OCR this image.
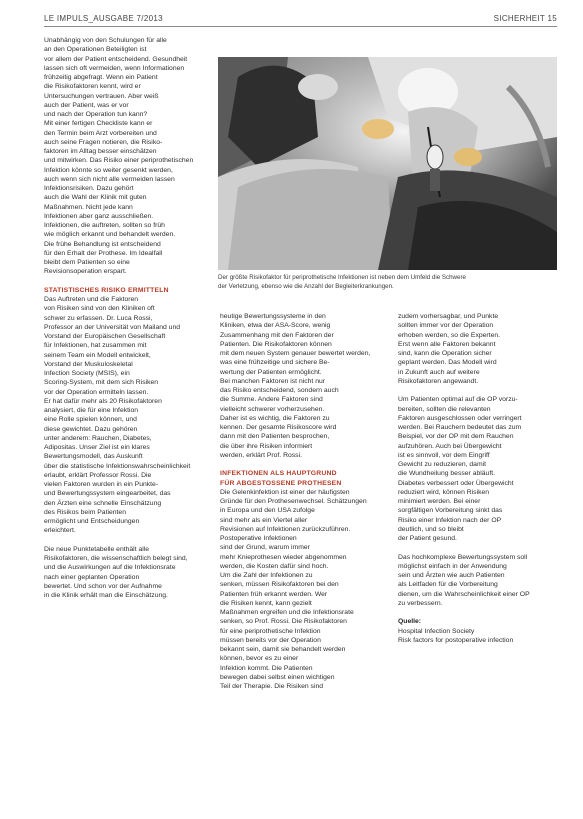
LE IMPULS_AUSGABE 7/2013	SICHERHEIT 15
Der größte Risikofaktor für periprothetische Infektionen ist neben dem Umfeld die Schwere
der Verletzung, ebenso wie die Anzahl der Begleiterkrankungen.
Unabhängig von den Schulungen für alle
an den Operationen Beteiligten ist
vor allem der Patient entscheidend. Gesundheit
lassen sich oft vermeiden, wenn Informationen
frühzeitig abgefragt. Wenn ein Patient
die Risikofaktoren kennt, wird er
Untersuchungen vertrauen. Aber weiß
auch der Patient, was er vor
und nach der Operation tun kann?
Mit einer fertigen Checkliste kann er
den Termin beim Arzt vorbereiten und
auch seine Fragen notieren, die Risiko-
faktoren im Alltag besser einschätzen
und mitwirken. Das Risiko einer periprothetischen
Infektion könnte so weiter gesenkt werden,
auch wenn sich nicht alle vermeiden lassen
Infektionsrisiken. Dazu gehört
auch die Wahl der Klinik mit guten
Maßnahmen. Nicht jede kann
Infektionen aber ganz ausschließen.
Infektionen, die auftreten, sollten so früh
wie möglich erkannt und behandelt werden.
Die frühe Behandlung ist entscheidend
für den Erhalt der Prothese. Im Idealfall
bleibt dem Patienten so eine
Revisionsoperation erspart.
STATISTISCHES RISIKO ERMITTELN
Das Auftreten und die Faktoren
von Risiken sind von den Kliniken oft
schwer zu erfassen. Dr. Luca Rossi,
Professor an der Universität von Mailand und
Vorstand der Europäischen Gesellschaft
für Infektionen, hat zusammen mit
seinem Team ein Modell entwickelt,
Vorstand der Muskuloskeletal
Infection Society (MSIS), ein
Scoring-System, mit dem sich Risiken
vor der Operation ermitteln lassen.
Er hat dafür mehr als 20 Risikofaktoren
analysiert, die für eine Infektion
eine Rolle spielen können, und
diese gewichtet. Dazu gehören
unter anderem: Rauchen, Diabetes,
Adipositas. Unser Ziel ist ein klares
Bewertungsmodell, das Auskunft
über die statistische Infektionswahrscheinlichkeit
erlaubt, erklärt Professor Rossi. Die
vielen Faktoren wurden in ein Punkte-
und Bewertungssystem eingearbeitet, das
den Ärzten eine schnelle Einschätzung
des Risikos beim Patienten
ermöglicht und Entscheidungen
erleichtert.
Die neue Punktetabelle enthält alle
Risikofaktoren, die wissenschaftlich belegt sind,
und die Auswirkungen auf die Infektionsrate
nach einer geplanten Operation
bewertet. Und schon vor der Aufnahme
in die Klinik erhält man die Einschätzung.
heutige Bewertungssysteme in den
Kliniken, etwa der ASA-Score, wenig
Zusammenhang mit den Faktoren der
Patienten. Die Risikofaktoren können
mit dem neuen System genauer bewertet werden,
was eine frühzeitige und sichere Be-
wertung der Patienten ermöglicht.
Bei manchen Faktoren ist nicht nur
das Risiko entscheidend, sondern auch
die Summe. Andere Faktoren sind
vielleicht schwerer vorherzusehen.
Daher ist es wichtig, die Faktoren zu
kennen. Der gesamte Risikoscore wird
dann mit den Patienten besprochen,
die über ihre Risiken informiert
werden, erklärt Prof. Rossi.
INFEKTIONEN ALS HAUPTGRUND
FÜR ABGESTOSSENE PROTHESEN
Die Gelenkinfektion ist einer der häufigsten
Gründe für den Prothesenwechsel. Schätzungen
in Europa und den USA zufolge
sind mehr als ein Viertel aller
Revisionen auf Infektionen zurückzuführen.
Postoperative Infektionen
sind der Grund, warum immer
mehr Knieprothesen wieder abgenommen
werden, die Kosten dafür sind hoch.
Um die Zahl der Infektionen zu
senken, müssen Risikofaktoren bei den
Patienten früh erkannt werden. Wer
die Risiken kennt, kann gezielt
Maßnahmen ergreifen und die Infektionsrate
senken, so Prof. Rossi. Die Risikofaktoren
für eine periprothetische Infektion
müssen bereits vor der Operation
bekannt sein, damit sie behandelt werden
können, bevor es zu einer
Infektion kommt. Die Patienten
bewegen dabei selbst einen wichtigen
Teil der Therapie. Die Risiken sind
zudem vorhersagbar, und Punkte
sollten immer vor der Operation
erhoben werden, so die Experten.
Erst wenn alle Faktoren bekannt
sind, kann die Operation sicher
geplant werden. Das Modell wird
in Zukunft auch auf weitere
Risikofaktoren angewandt.
Um Patienten optimal auf die OP vorzu-
bereiten, sollten die relevanten
Faktoren ausgeschlossen oder verringert
werden. Bei Rauchern bedeutet das zum
Beispiel, vor der OP mit dem Rauchen
aufzuhören. Auch bei Übergewicht
ist es sinnvoll, vor dem Eingriff
Gewicht zu reduzieren, damit
die Wundheilung besser abläuft.
Diabetes verbessert oder Übergewicht
reduziert wird, können Risiken
minimiert werden. Bei einer
sorgfältigen Vorbereitung sinkt das
Risiko einer Infektion nach der OP
deutlich, und so bleibt
der Patient gesund.
Das hochkomplexe Bewertungssystem soll
möglichst einfach in der Anwendung
sein und Ärzten wie auch Patienten
als Leitfaden für die Vorbereitung
dienen, um die Wahrscheinlichkeit einer OP
zu verbessern.
Quelle:
Hospital Infection Society
Risk factors for postoperative infection
